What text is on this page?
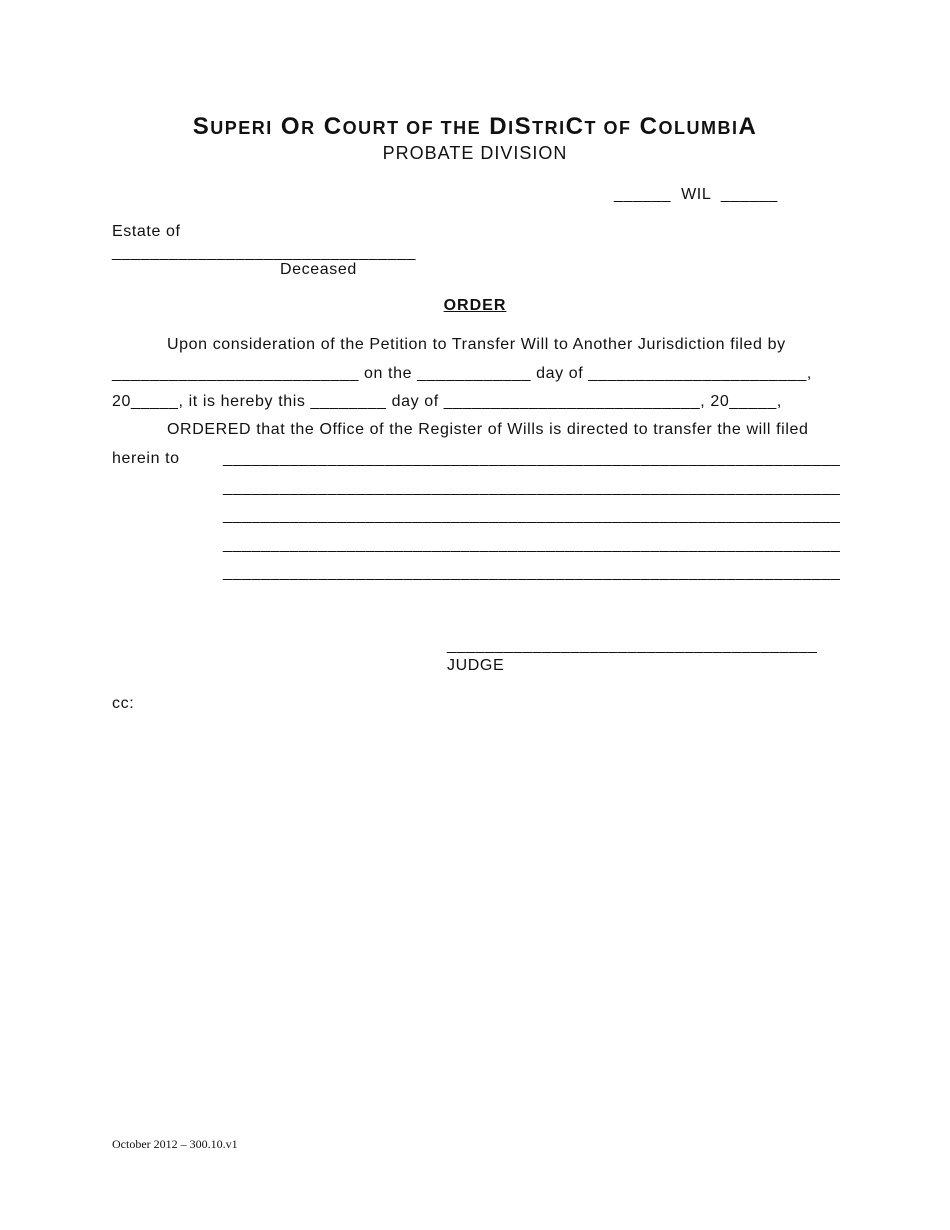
SUPERI OR COURT OF THE DISTRICT OF COLUMBIA
PROBATE DIVISION
______  WIL  ______
Estate of
________________________________
Deceased
ORDER
Upon consideration of the Petition to Transfer Will to Another Jurisdiction filed by
__________________________ on the ____________ day of _______________________,
20_____, it is hereby this ________ day of ___________________________, 20_____,
ORDERED that the Office of the Register of Wills is directed to transfer the will filed
herein to	_________________________________________________________________
_________________________________________________________________
_________________________________________________________________
_________________________________________________________________
_________________________________________________________________
_______________________________________
JUDGE
cc:
October 2012 – 300.10.v1
